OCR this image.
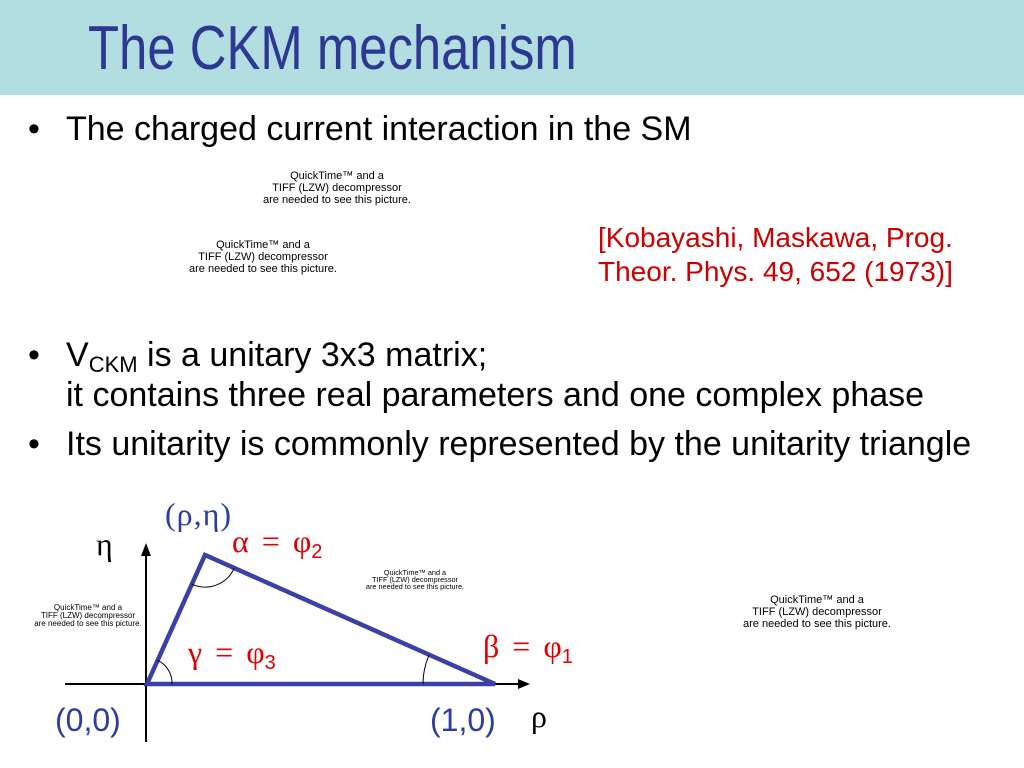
The CKM mechanism
• The charged current interaction in the SM
QuickTime™ and a
TIFF (LZW) decompressor
are needed to see this picture.
QuickTime™ and a
TIFF (LZW) decompressor
are needed to see this picture.
[Kobayashi, Maskawa, Prog.
Theor. Phys. 49, 652 (1973)]
• $V_{CKM}$ is a unitary 3x3 matrix;
it contains three real parameters and one complex phase
• Its unitarity is commonly represented by the unitarity triangle
QuickTime™ and a
TIFF (LZW) decompressor
are needed to see this picture.
QuickTime™ and a
TIFF (LZW) decompressor
are needed to see this picture.
QuickTime™ and a
TIFF (LZW) decompressor
are needed to see this picture.
(ρ,η)
η	$\alpha = \varphi_2$
$\beta = \varphi_1$
$\gamma = \varphi_3$
(0,0)	(1,0) ρ
